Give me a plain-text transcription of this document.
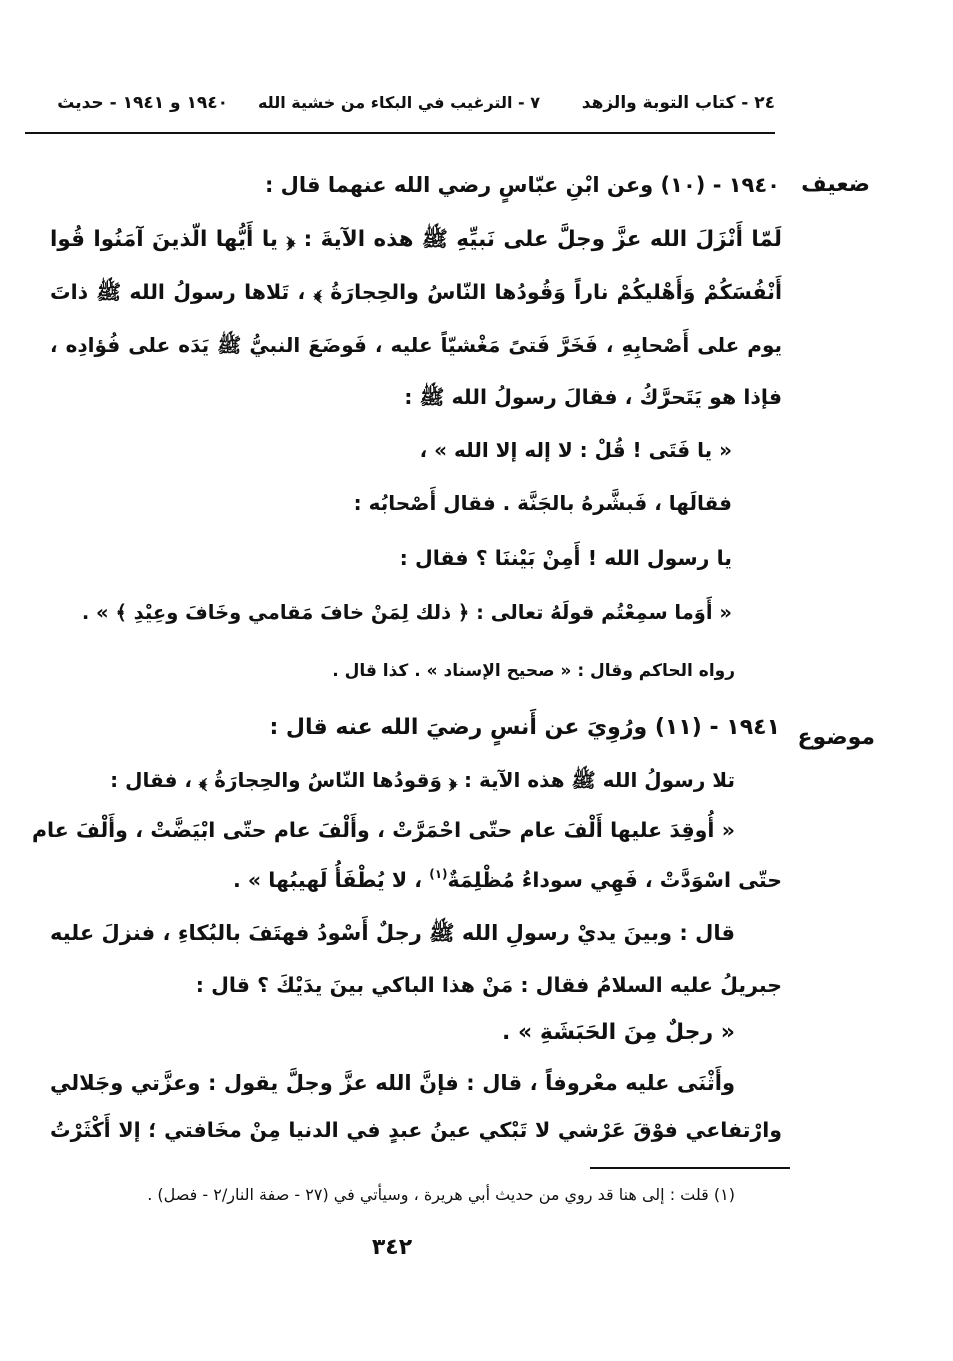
٢٤ - كتاب التوبة والزهد
٧ - الترغيب في البكاء من خشية الله
١٩٤٠ و ١٩٤١ - حديث
ضعيف
١٩٤٠ - (١٠) وعن ابْنِ عبّاسٍ رضي الله عنهما قال :
لَمّا أَنْزَلَ الله عزَّ وجلَّ على نَبيِّهِ ﷺ هذه الآيةَ : ﴿ يا أَيُّها الّذينَ آمَنُوا قُوا
أَنْفُسَكُمْ وَأَهْليكُمْ ناراً وَقُودُها النّاسُ والحِجارَةُ ﴾ ، تَلاها رسولُ الله ﷺ ذاتَ
يوم على أَصْحابِهِ ، فَخَرَّ فَتىً مَغْشيّاً عليه ، فَوضَعَ النبيُّ ﷺ يَدَه على فُؤادِه ،
فإذا هو يَتَحرَّكُ ، فقالَ رسولُ الله ﷺ :
« يا فَتَى ! قُلْ : لا إله إلا الله » ،
فقالَها ، فَبشَّرهُ بالجَنَّة . فقال أَصْحابُه :
يا رسول الله ! أَمِنْ بَيْننَا ؟ فقال :
« أَوَما سمِعْتُم قولَهُ تعالى : ﴿ ذلك لِمَنْ خافَ مَقامي وخَافَ وعِيْدِ ﴾ » .
رواه الحاكم وقال : « صحيح الإسناد » . كذا قال .
موضوع
١٩٤١ - (١١) ورُوِيَ عن أَنسٍ رضيَ الله عنه قال :
تلا رسولُ الله ﷺ هذه الآية : ﴿ وَقودُها النّاسُ والحِجارَةُ ﴾ ، فقال :
« أُوقِدَ عليها أَلْفَ عام حتّى احْمَرَّتْ ، وأَلْفَ عام حتّى ابْيَضَّتْ ، وأَلْفَ عام
حتّى اسْوَدَّتْ ، فَهِي سوداءُ مُظْلِمَةٌ$^{(١)}$ ، لا يُطْفَأُ لَهيبُها » .
قال : وبينَ يديْ رسولِ الله ﷺ رجلٌ أَسْودُ فهتَفَ بالبُكاءِ ، فنزلَ عليه
جبريلُ عليه السلامُ فقال : مَنْ هذا الباكي بينَ يدَيْكَ ؟ قال :
« رجلٌ مِنَ الحَبَشَةِ » .
وأَثْنَى عليه معْروفاً ، قال : فإنَّ الله عزَّ وجلَّ يقول : وعزَّتي وجَلالي
وارْتفاعي فوْقَ عَرْشي لا تَبْكي عينُ عبدٍ في الدنيا مِنْ مخَافتي ؛ إلا أَكْثَرْتُ
(١) قلت : إلى هنا قد روي من حديث أبي هريرة ، وسيأتي في (٢٧ - صفة النار/٢ - فصل) .
٣٤٢
